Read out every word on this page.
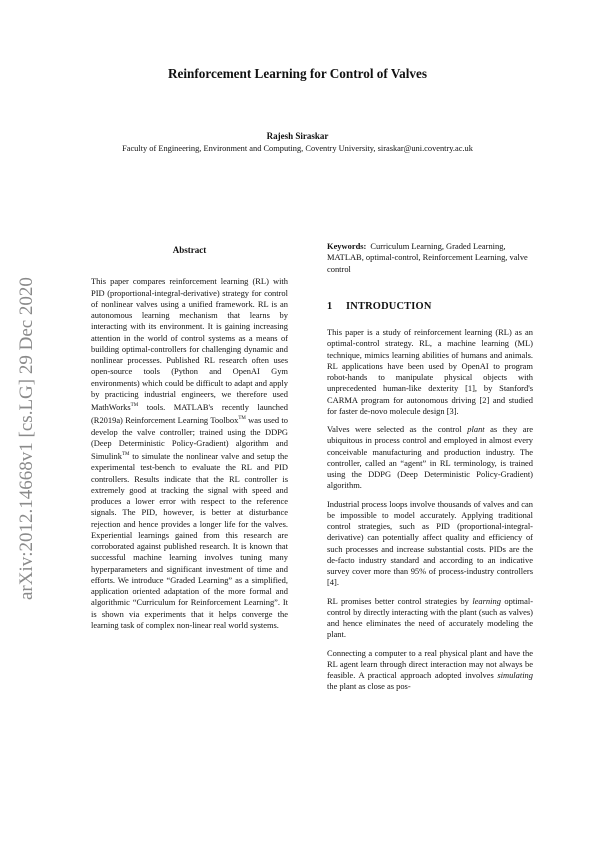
arXiv:2012.14668v1 [cs.LG] 29 Dec 2020
Reinforcement Learning for Control of Valves
Rajesh Siraskar
Faculty of Engineering, Environment and Computing, Coventry University, siraskar@uni.coventry.ac.uk
Abstract

This paper compares reinforcement learning (RL) with PID (proportional-integral-derivative) strategy for control of nonlinear valves using a unified framework. RL is an autonomous learning mechanism that learns by interacting with its environment. It is gaining increasing attention in the world of control systems as a means of building optimal-controllers for challenging dynamic and nonlinear processes. Published RL research often uses open-source tools (Python and OpenAI Gym environments) which could be difficult to adapt and apply by practicing industrial engineers, we therefore used MathWorks™ tools. MATLAB's recently launched (R2019a) Reinforcement Learning Toolbox™ was used to develop the valve controller; trained using the DDPG (Deep Deterministic Policy-Gradient) algorithm and Simulink™ to simulate the nonlinear valve and setup the experimental test-bench to evaluate the RL and PID controllers. Results indicate that the RL controller is extremely good at tracking the signal with speed and produces a lower error with respect to the reference signals. The PID, however, is better at disturbance rejection and hence provides a longer life for the valves. Experiential learnings gained from this research are corroborated against published research. It is known that successful machine learning involves tuning many hyperparameters and significant investment of time and efforts. We introduce “Graded Learning” as a simplified, application oriented adaptation of the more formal and algorithmic “Curriculum for Reinforcement Learning”. It is shown via experiments that it helps converge the learning task of complex non-linear real world systems.

Keywords: Curriculum Learning, Graded Learning, MATLAB, optimal-control, Reinforcement Learning, valve control

1 INTRODUCTION

This paper is a study of reinforcement learning (RL) as an optimal-control strategy. RL, a machine learning (ML) technique, mimics learning abilities of humans and animals. RL applications have been used by OpenAI to program robot-hands to manipulate physical objects with unprecedented human-like dexterity [1], by Stanford's CARMA program for autonomous driving [2] and studied for faster de-novo molecule design [3].

Valves were selected as the control plant as they are ubiquitous in process control and employed in almost every conceivable manufacturing and production industry. The controller, called an “agent” in RL terminology, is trained using the DDPG (Deep Deterministic Policy-Gradient) algorithm.

Industrial process loops involve thousands of valves and can be impossible to model accurately. Applying traditional control strategies, such as PID (proportional-integral-derivative) can potentially affect quality and efficiency of such processes and increase substantial costs. PIDs are the de-facto industry standard and according to an indicative survey cover more than 95% of process-industry controllers [4].

RL promises better control strategies by learning optimal-control by directly interacting with the plant (such as valves) and hence eliminates the need of accurately modeling the plant.

Connecting a computer to a real physical plant and have the RL agent learn through direct interaction may not always be feasible. A practical approach adopted involves simulating the plant as close as pos-
